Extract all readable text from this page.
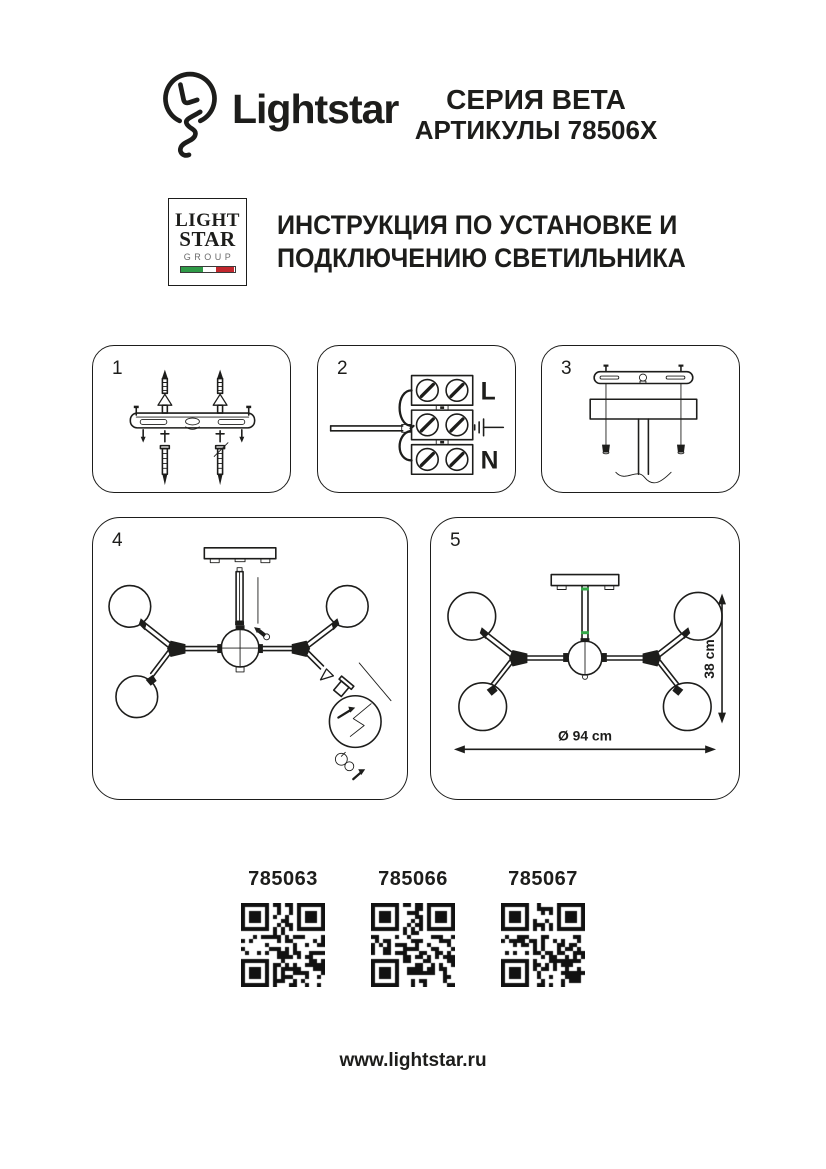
Lightstar	СЕРИЯ BETA
АРТИКУЛЫ 78506X
LIGHT
STAR
GROUP
ИНСТРУКЦИЯ ПО УСТАНОВКЕ И
ПОДКЛЮЧЕНИЮ СВЕТИЛЬНИКА
1	2
L
N
3
4	5
38 cm
Ø 94 cm
785063	785066	785067
www.lightstar.ru
